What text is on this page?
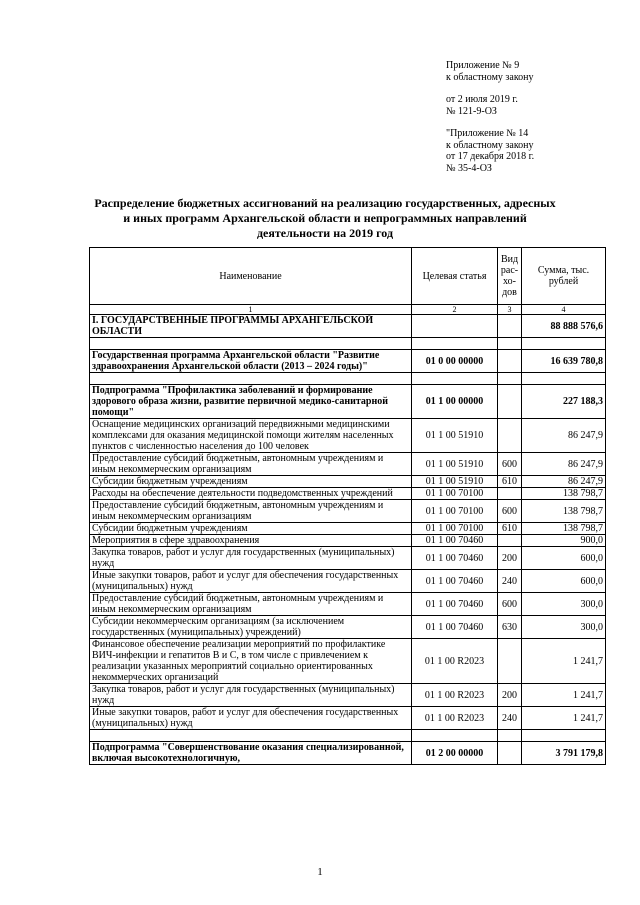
Приложение № 9
к областному закону
от 2 июля 2019 г.
№ 121-9-ОЗ
"Приложение № 14
к областному закону
от 17 декабря 2018 г.
№ 35-4-ОЗ
Распределение бюджетных ассигнований на реализацию государственных, адресных
и иных программ Архангельской области и непрограммных направлений
деятельности на 2019 год
Наименование	Целевая статья	Вид рас- хо- дов	Сумма, тыс. рублей
1	2	3	4
I. ГОСУДАРСТВЕННЫЕ ПРОГРАММЫ АРХАНГЕЛЬСКОЙ ОБЛАСТИ			88 888 576,6

Государственная программа Архангельской области "Развитие здравоохранения Архангельской области (2013 – 2024 годы)"	01 0 00 00000		16 639 780,8

Подпрограмма "Профилактика заболеваний и формирование здорового образа жизни, развитие первичной медико-санитарной помощи"	01 1 00 00000		227 188,3
Оснащение медицинских организаций передвижными медицинскими комплексами для оказания медицинской помощи жителям населенных пунктов с численностью населения до 100 человек	01 1 00 51910		86 247,9
Предоставление субсидий бюджетным, автономным учреждениям и иным некоммерческим организациям	01 1 00 51910	600	86 247,9
Субсидии бюджетным учреждениям	01 1 00 51910	610	86 247,9
Расходы на обеспечение деятельности подведомственных учреждений	01 1 00 70100		138 798,7
Предоставление субсидий бюджетным, автономным учреждениям и иным некоммерческим организациям	01 1 00 70100	600	138 798,7
Субсидии бюджетным учреждениям	01 1 00 70100	610	138 798,7
Мероприятия в сфере здравоохранения	01 1 00 70460		900,0
Закупка товаров, работ и услуг для государственных (муниципальных) нужд	01 1 00 70460	200	600,0
Иные закупки товаров, работ и услуг для обеспечения государственных (муниципальных) нужд	01 1 00 70460	240	600,0
Предоставление субсидий бюджетным, автономным учреждениям и иным некоммерческим организациям	01 1 00 70460	600	300,0
Субсидии некоммерческим организациям (за исключением государственных (муниципальных) учреждений)	01 1 00 70460	630	300,0
Финансовое обеспечение реализации мероприятий по профилактике ВИЧ-инфекции и гепатитов B и C, в том числе с привлечением к реализации указанных мероприятий социально ориентированных некоммерческих организаций	01 1 00 R2023		1 241,7
Закупка товаров, работ и услуг для государственных (муниципальных) нужд	01 1 00 R2023	200	1 241,7
Иные закупки товаров, работ и услуг для обеспечения государственных (муниципальных) нужд	01 1 00 R2023	240	1 241,7

Подпрограмма "Совершенствование оказания специализированной, включая высокотехнологичную,	01 2 00 00000		3 791 179,8
1
